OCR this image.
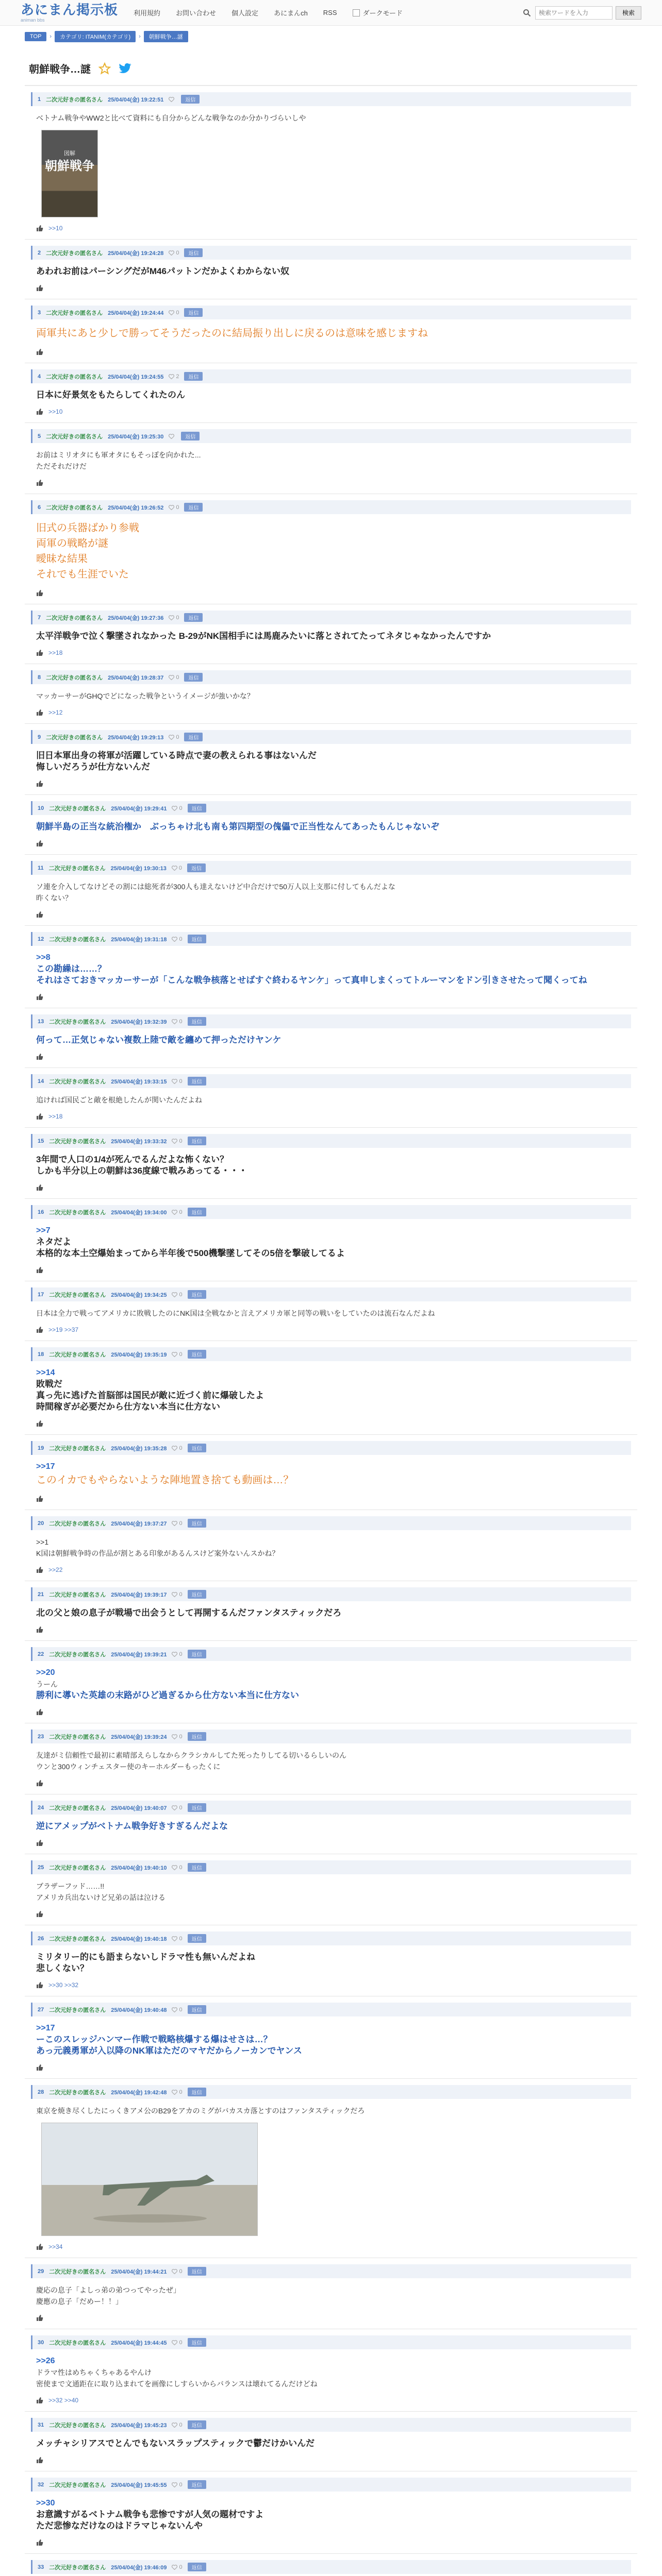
あにまん掲示板
animan bbs
利用規約 お問い合わせ 個人設定 あにまんch RSS	ダークモード
検索ワードを入力	検索
TOP	›	カテゴリ: ITANIM(カテゴリ)	›	朝鮮戦争…謎
朝鮮戦争…謎
1 二次元好きの匿名さん 25/04/04(金) 19:22:51	返信
ベトナム戦争やWW2と比べて資料にも自分からどんな戦争なのか分かりづらいしや
図解
朝鮮戦争
>>10
2 二次元好きの匿名さん 25/04/04(金) 19:24:28 0	返信
あわれお前はパーシングだがM46パットンだかよくわからない奴
3 二次元好きの匿名さん 25/04/04(金) 19:24:44 0	返信
両軍共にあと少しで勝ってそうだったのに結局振り出しに戻るのは意味を感じますね
4 二次元好きの匿名さん 25/04/04(金) 19:24:55 2	返信
日本に好景気をもたらしてくれたのん
>>10
5 二次元好きの匿名さん 25/04/04(金) 19:25:30	返信
お前はミリオタにも軍オタにもそっぽを向かれた...
ただそれだけだ
6 二次元好きの匿名さん 25/04/04(金) 19:26:52 0	返信
旧式の兵器ばかり参戦
両軍の戦略が謎
曖昧な結果
それでも生涯でいた
7 二次元好きの匿名さん 25/04/04(金) 19:27:36 0	返信
太平洋戦争で泣く撃墜されなかった B-29がNK国相手には馬鹿みたいに落とされてたってネタじゃなかったんですか
>>18
8 二次元好きの匿名さん 25/04/04(金) 19:28:37 0	返信
マッカーサーがGHQでどになった戦争というイメージが強いかな？
>>12
9 二次元好きの匿名さん 25/04/04(金) 19:29:13 0	返信
旧日本軍出身の将軍が活躍している時点で妻の教えられる事はないんだ
悔しいだろうが仕方ないんだ
10 二次元好きの匿名さん 25/04/04(金) 19:29:41 0	返信
朝鮮半島の正当な統治権か　ぶっちゃけ北も南も第四期型の傀儡で正当性なんてあったもんじゃないぞ
11 二次元好きの匿名さん 25/04/04(金) 19:30:13 0	返信
ソ連を介入してなけどその割には総死者が300人も達えないけど中合だけで50万人以上支那に付してもんだよな
昨くない？
12 二次元好きの匿名さん 25/04/04(金) 19:31:18 0	返信
>>8
この勘繰は……？
それはさておきマッカーサーが「こんな戦争核落とせばすぐ終わるヤンケ」って真申しまくってトルーマンをドン引きさせたって聞くってね
13 二次元好きの匿名さん 25/04/04(金) 19:32:39 0	返信
何って…正気じゃない複数上陸で敵を纏めて押っただけヤンケ
14 二次元好きの匿名さん 25/04/04(金) 19:33:15 0	返信
追ければ国民ごと敵を根絶したんが関いたんだよね
>>18
15 二次元好きの匿名さん 25/04/04(金) 19:33:32 0	返信
3年間で人口の1/4が死んでるんだよな怖くない？
しかも半分以上の朝鮮は36度線で戦みあってる・・・
16 二次元好きの匿名さん 25/04/04(金) 19:34:00 0	返信
>>7
ネタだよ
本格的な本土空爆始まってから半年後で500機撃墜してその5倍を撃破してるよ
17 二次元好きの匿名さん 25/04/04(金) 19:34:25 0	返信
日本は全力で戦ってアメリカに敗戦したのにNK国は全戦なかと言えアメリカ軍と同等の戦いをしていたのは流石なんだよね
>>19 >>37
18 二次元好きの匿名さん 25/04/04(金) 19:35:19 0	返信
>>14
敗戦だ
真っ先に逃げた首脳部は国民が敵に近づく前に爆破したよ
時間稼ぎが必要だから仕方ない本当に仕方ない
19 二次元好きの匿名さん 25/04/04(金) 19:35:28 0	返信
>>17
このイカでもやらないような陣地置き捨ても動画は…？
20 二次元好きの匿名さん 25/04/04(金) 19:37:27 0	返信
>>1
K国は朝鮮戦争時の作品が割とある印象があるんスけど案外ないんスかね？
>>22
21 二次元好きの匿名さん 25/04/04(金) 19:39:17 0	返信
北の父と娘の息子が戦場で出会うとして再開するんだファンタスティックだろ
22 二次元好きの匿名さん 25/04/04(金) 19:39:21 0	返信
>>20
うーん
勝利に導いた英雄の末路がひど過ぎるから仕方ない本当に仕方ない
23 二次元好きの匿名さん 25/04/04(金) 19:39:24 0	返信
友達がミ信頼性で最初に素晴部えらしなからクラシカルしてた死ったりしてる切いるらしいのん
ウンと300ウィンチェスター使のキーホルダーもったくに
24 二次元好きの匿名さん 25/04/04(金) 19:40:07 0	返信
逆にアメップがベトナム戦争好きすぎるんだよな
25 二次元好きの匿名さん 25/04/04(金) 19:40:10 0	返信
ブラザーフッド……!!
アメリカ兵出ないけど兄弟の話は泣ける
26 二次元好きの匿名さん 25/04/04(金) 19:40:18 0	返信
ミリタリー的にも語まらないしドラマ性も無いんだよね
悲しくない？
>>30 >>32
27 二次元好きの匿名さん 25/04/04(金) 19:40:48 0	返信
>>17
ーこのスレッジハンマー作戦で戦略核爆する爆はせさは…？
あっ元義勇軍が入以降のNK軍はただのマヤだからノーカンでヤンス
28 二次元好きの匿名さん 25/04/04(金) 19:42:48 0	返信
東京を焼き尽くしたにっくきアメ公のB29をアカのミグがバカスカ落とすのはファンタスティックだろ
>>34
29 二次元好きの匿名さん 25/04/04(金) 19:44:21 0	返信
慶応の息子「よしっ弟の弟つってやったぜ」
慶應の息子「だめー！！」
30 二次元好きの匿名さん 25/04/04(金) 19:44:45 0	返信
>>26
ドラマ性はめちゃくちゃあるやんけ
密使まで文通距在に取り込まれてを画像にしすらいからバランスは壊れてるんだけどね
>>32 >>40
31 二次元好きの匿名さん 25/04/04(金) 19:45:23 0	返信
メッチャシリアスでとんでもないスラップスティックで鬱だけかいんだ
32 二次元好きの匿名さん 25/04/04(金) 19:45:55 0	返信
>>30
お意識すがるベトナム戦争も悲惨ですが人気の題材ですよ
ただ悲惨なだけなのはドラマじゃないんや
33 二次元好きの匿名さん 25/04/04(金) 19:46:09 0	返信
